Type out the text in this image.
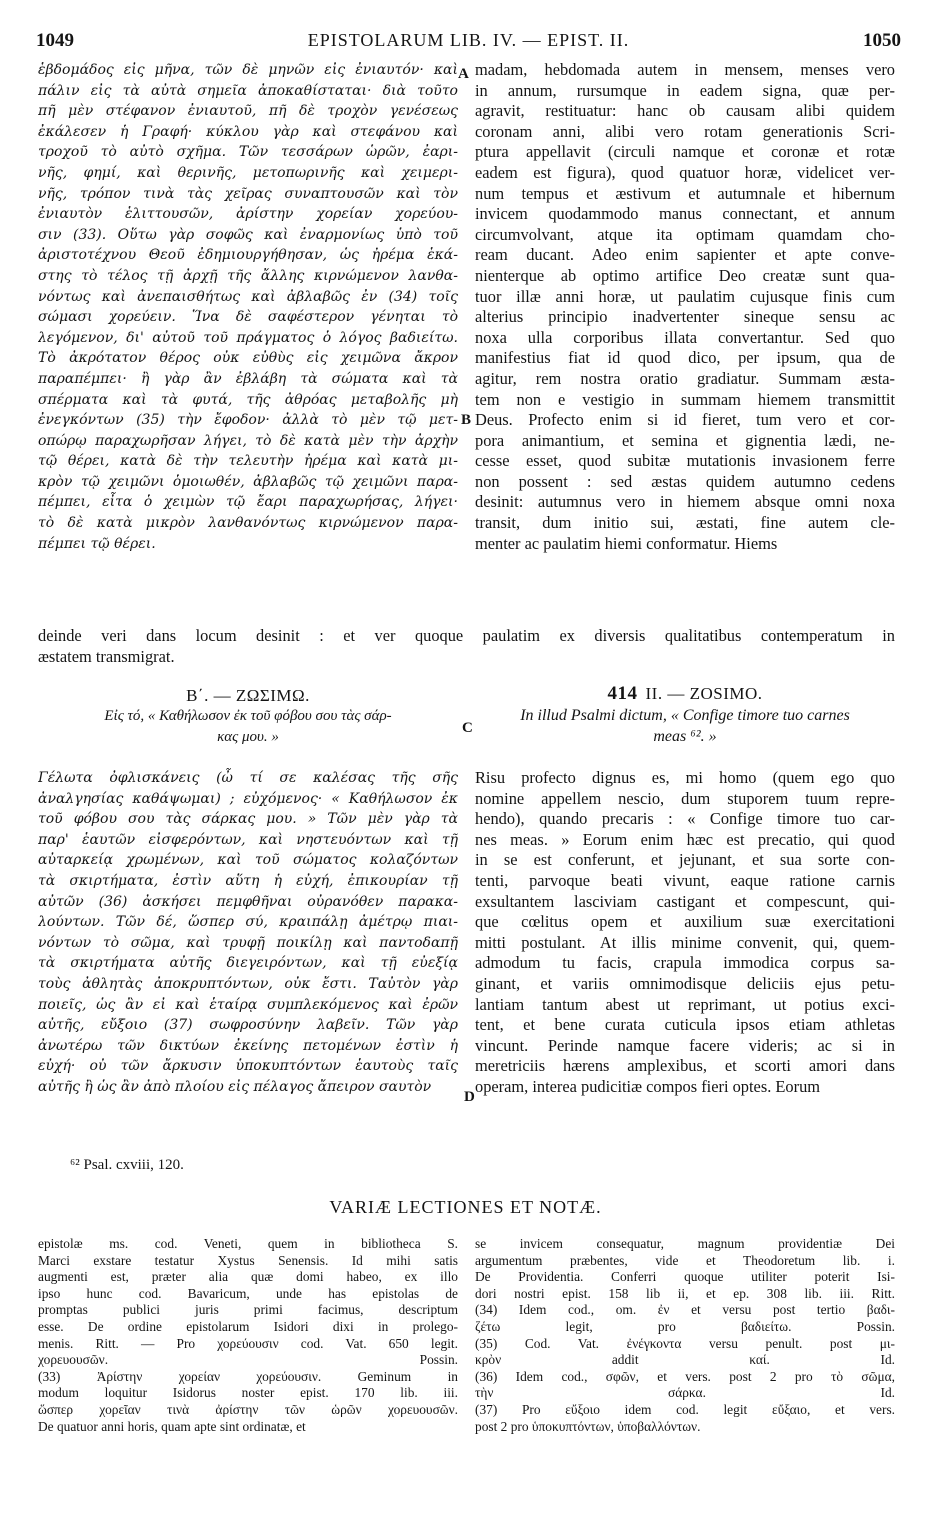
1049	EPISTOLARUM LIB. IV. — EPIST. II.	1050
ἑβδομάδος εἰς μῆνα, τῶν δὲ μηνῶν εἰς ἐνιαυτόν· καὶ
πάλιν εἰς τὰ αὐτὰ σημεῖα ἀποκαθίσταται· διὰ τοῦτο
πῆ μὲν στέφανον ἐνιαυτοῦ, πῆ δὲ τροχὸν γενέσεως
ἐκάλεσεν ἡ Γραφή· κύκλου γὰρ καὶ στεφάνου καὶ
τροχοῦ τὸ αὐτὸ σχῆμα. Τῶν τεσσάρων ὡρῶν, ἐαρι-
νῆς, φημί, καὶ θερινῆς, μετοπωρινῆς καὶ χειμερι-
νῆς, τρόπον τινὰ τὰς χεῖρας συναπτουσῶν καὶ τὸν
ἐνιαυτὸν ἑλιττουσῶν, ἀρίστην χορείαν χορεύου-
σιν (33). Οὕτω γὰρ σοφῶς καὶ ἐναρμονίως ὑπὸ τοῦ
ἀριστοτέχνου Θεοῦ ἐδημιουργήθησαν, ὡς ἠρέμα ἑκά-
στης τὸ τέλος τῇ ἀρχῇ τῆς ἄλλης κιρνώμενον λανθα-
νόντως καὶ ἀνεπαισθήτως καὶ ἀβλαβῶς ἐν (34) τοῖς
σώμασι χορεύειν. Ἵνα δὲ σαφέστερον γένηται τὸ
λεγόμενον, δι' αὐτοῦ τοῦ πράγματος ὁ λόγος βαδιείτω.
Τὸ ἀκρότατον θέρος οὐκ εὐθὺς εἰς χειμῶνα ἄκρον
παραπέμπει· ἢ γὰρ ἂν ἐβλάβη τὰ σώματα καὶ τὰ
σπέρματα καὶ τὰ φυτά, τῆς ἀθρόας μεταβολῆς μὴ
ἐνεγκόντων (35) τὴν ἔφοδον· ἀλλὰ τὸ μὲν τῷ μετ-
οπώρῳ παραχωρῆσαν λήγει, τὸ δὲ κατὰ μὲν τὴν ἀρχὴν
τῷ θέρει, κατὰ δὲ τὴν τελευτὴν ἠρέμα καὶ κατὰ μι-
κρὸν τῷ χειμῶνι ὁμοιωθέν, ἀβλαβῶς τῷ χειμῶνι παρα-
πέμπει, εἶτα ὁ χειμὼν τῷ ἔαρι παραχωρήσας, λήγει·
τὸ δὲ κατὰ μικρὸν λανθανόντως κιρνώμενον παρα-
πέμπει τῷ θέρει.
madam, hebdomada autem in mensem, menses vero
in annum, rursumque in eadem signa, quæ per-
agravit, restituatur: hanc ob causam alibi quidem
coronam anni, alibi vero rotam generationis Scri-
ptura appellavit (circuli namque et coronæ et rotæ
eadem est figura), quod quatuor horæ, videlicet ver-
num tempus et æstivum et autumnale et hibernum
invicem quodammodo manus connectant, et annum
circumvolvant, atque ita optimam quamdam cho-
ream ducant. Adeo enim sapienter et apte conve-
nienterque ab optimo artifice Deo creatæ sunt qua-
tuor illæ anni horæ, ut paulatim cujusque finis cum
alterius principio inadvertenter sineque sensu ac
noxa ulla corporibus illata convertantur. Sed quo
manifestius fiat id quod dico, per ipsum, qua de
agitur, rem nostra oratio gradiatur. Summam æsta-
tem non e vestigio in summam hiemem transmittit
Deus. Profecto enim si id fieret, tum vero et cor-
pora animantium, et semina et gignentia lædi, ne-
cesse esset, quod subitæ mutationis invasionem ferre
non possent : sed æstas quidem autumno cedens
desinit: autumnus vero in hiemem absque omni noxa
transit, dum initio sui, æstati, fine autem cle-
menter ac paulatim hiemi conformatur. Hiems
deinde veri dans locum desinit : et ver quoque paulatim ex diversis qualitatibus contemperatum in
æstatem transmigrat.
A
B
C
D
Β΄. — ΖΩΣΙΜΩ.
Εἰς τό, « Καθήλωσον ἐκ τοῦ φόβου σου τὰς σάρ-
κας μου. »
414 II. — ZOSIMO.
In illud Psalmi dictum, « Confige timore tuo carnes
meas ⁶². »
Γέλωτα ὀφλισκάνεις (ὦ τί σε καλέσας τῆς σῆς
ἀναλγησίας καθάψωμαι) ; εὐχόμενος· « Καθήλωσον ἐκ
τοῦ φόβου σου τὰς σάρκας μου. » Τῶν μὲν γὰρ τὰ
παρ' ἑαυτῶν εἰσφερόντων, καὶ νηστευόντων καὶ τῇ
αὐταρκείᾳ χρωμένων, καὶ τοῦ σώματος κολαζόντων
τὰ σκιρτήματα, ἐστὶν αὕτη ἡ εὐχή, ἐπικουρίαν τῇ
αὐτῶν (36) ἀσκήσει πεμφθῆναι οὐρανόθεν παρακα-
λούντων. Τῶν δέ, ὥσπερ σύ, κραιπάλῃ ἀμέτρῳ πιαι-
νόντων τὸ σῶμα, καὶ τρυφῇ ποικίλῃ καὶ παντοδαπῇ
τὰ σκιρτήματα αὐτῆς διεγειρόντων, καὶ τῇ εὐεξίᾳ
τοὺς ἀθλητὰς ἀποκρυπτόντων, οὐκ ἔστι. Ταὐτὸν γὰρ
ποιεῖς, ὡς ἂν εἰ καὶ ἑταίρᾳ συμπλεκόμενος καὶ ἐρῶν
αὐτῆς, εὔξοιο (37) σωφροσύνην λαβεῖν. Τῶν γὰρ
ἀνωτέρω τῶν δικτύων ἐκείνης πετομένων ἐστὶν ἡ
εὐχή· οὐ τῶν ἄρκυσιν ὑποκυπτόντων ἑαυτοὺς ταῖς
αὐτῆς ἢ ὡς ἂν ἀπὸ πλοίου εἰς πέλαγος ἄπειρον σαυτὸν
Risu profecto dignus es, mi homo (quem ego quo
nomine appellem nescio, dum stuporem tuum repre-
hendo), quando precaris : « Confige timore tuo car-
nes meas. » Eorum enim hæc est precatio, qui quod
in se est conferunt, et jejunant, et sua sorte con-
tenti, parvoque beati vivunt, eaque ratione carnis
exsultantem lasciviam castigant et compescunt, qui-
que cœlitus opem et auxilium suæ exercitationi
mitti postulant. At illis minime convenit, qui, quem-
admodum tu facis, crapula immodica corpus sa-
ginant, et variis omnimodisque deliciis ejus petu-
lantiam tantum abest ut reprimant, ut potius exci-
tent, et bene curata cuticula ipsos etiam athletas
vincunt. Perinde namque facere videris; ac si in
meretriciis hærens amplexibus, et scorti amori dans
operam, interea pudicitiæ compos fieri optes. Eorum
⁶² Psal. cxviii, 120.
VARIÆ LECTIONES ET NOTÆ.
epistolæ ms. cod. Veneti, quem in bibliotheca S.
Marci exstare testatur Xystus Senensis. Id mihi satis
augmenti est, præter alia quæ domi habeo, ex illo
ipso hunc cod. Bavaricum, unde has epistolas de
promptas publici juris primi facimus, descriptum
esse. De ordine epistolarum Isidori dixi in prolego-
menis. Ritt. — Pro χορεύουσιν cod. Vat. 650 legit.
χορευουσῶν. Possin.
(33) Ἀρίστην χορείαν χορεύουσιν. Geminum in
modum loquitur Isidorus noster epist. 170 lib. iii.
ὥσπερ χορεῖαν τινὰ ἀρίστην τῶν ὡρῶν χορευουσῶν.
De quatuor anni horis, quam apte sint ordinatæ, et
se invicem consequatur, magnum providentiæ Dei
argumentum præbentes, vide et Theodoretum lib. i.
De Providentia. Conferri quoque utiliter poterit Isi-
dori nostri epist. 158 lib ii, et ep. 308 lib. iii. Ritt.
(34) Idem cod., om. ἐν et versu post tertio βαδι-
ζέτω legit, pro βαδιείτω. Possin.
(35) Cod. Vat. ἐνέγκοντα versu penult. post μι-
κρὸν addit καί. Id.
(36) Idem cod., σφῶν, et vers. post 2 pro τὸ σῶμα,
τὴν σάρκα. Id.
(37) Pro εὔξοιο idem cod. legit εὔξαιο, et vers.
post 2 pro ὑποκυπτόντων, ὑποβαλλόντων.
